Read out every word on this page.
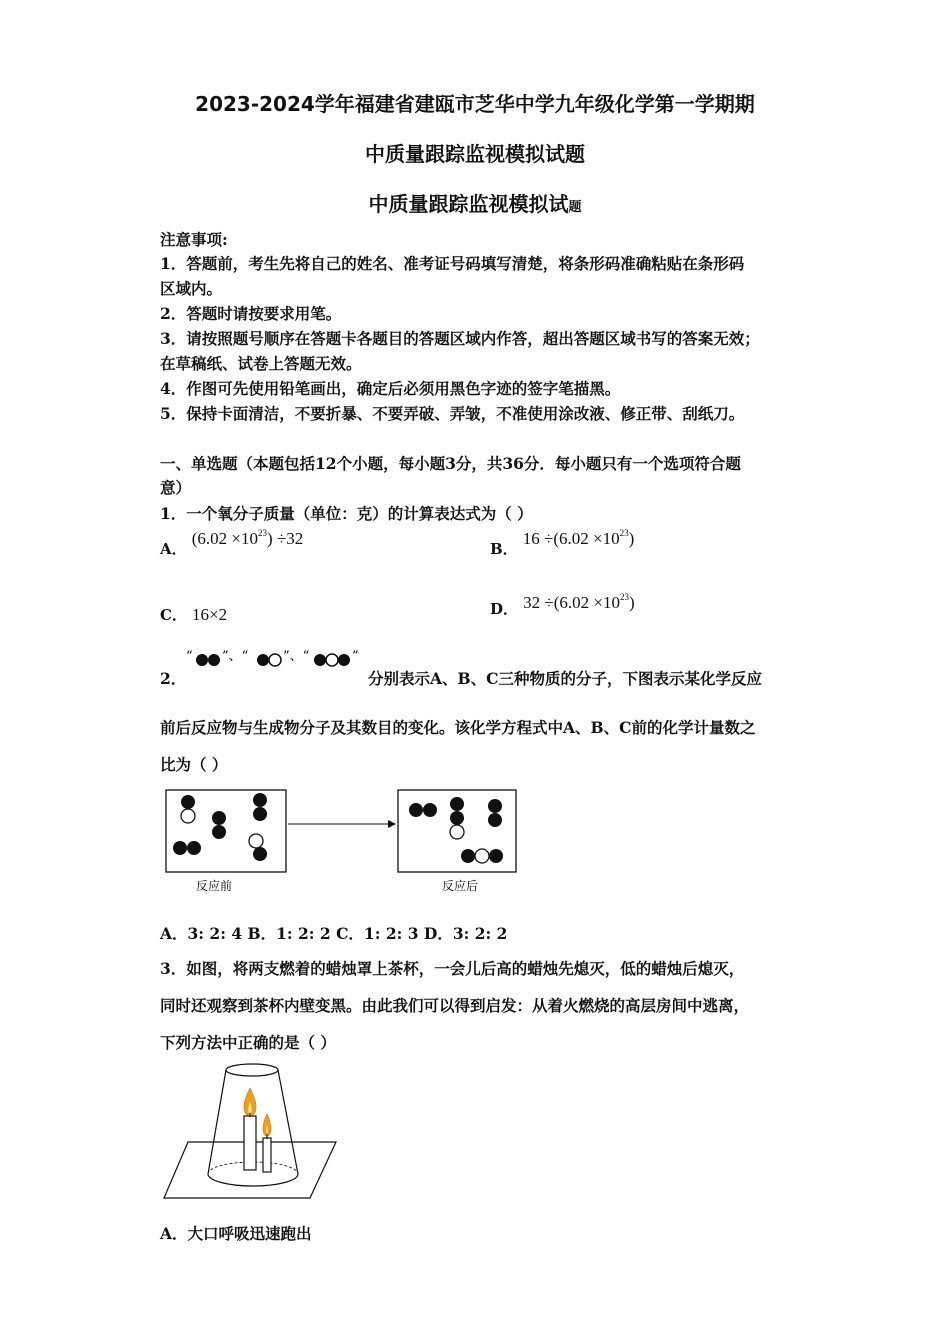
2023-2024学年福建省建瓯市芝华中学九年级化学第一学期期
中质量跟踪监视模拟试题
中质量跟踪监视模拟试题
注意事项:
1．答题前，考生先将自己的姓名、准考证号码填写清楚，将条形码准确粘贴在条形码
区域内。
2．答题时请按要求用笔。
3．请按照题号顺序在答题卡各题目的答题区域内作答，超出答题区域书写的答案无效；
在草稿纸、试卷上答题无效。
4．作图可先使用铅笔画出，确定后必须用黑色字迹的签字笔描黑。
5．保持卡面清洁，不要折暴、不要弄破、弄皱，不准使用涂改液、修正带、刮纸刀。
一、单选题（本题包括12个小题，每小题3分，共36分．每小题只有一个选项符合题
意）
1．一个氧分子质量（单位：克）的计算表达式为（ ）
A． $(6.02 \times 10^{23}) \div 32$
B． $16 \div(6.02 \times 10^{23})$
C． 16×2	D． $32 \div(6.02 \times 10^{23})$
2．
“ ”、“	”、“	”
分别表示A、B、C三种物质的分子，下图表示某化学反应
前后反应物与生成物分子及其数目的变化。该化学方程式中A、B、C前的化学计量数之
比为（ ）
反应前	反应后
A．3: 2: 4 B．1: 2: 2 C．1: 2: 3 D．3: 2: 2
3．如图，将两支燃着的蜡烛罩上茶杯，一会儿后高的蜡烛先熄灭，低的蜡烛后熄灭，
同时还观察到茶杯内壁变黑。由此我们可以得到启发：从着火燃烧的高层房间中逃离，
下列方法中正确的是（ ）
A．大口呼吸迅速跑出
